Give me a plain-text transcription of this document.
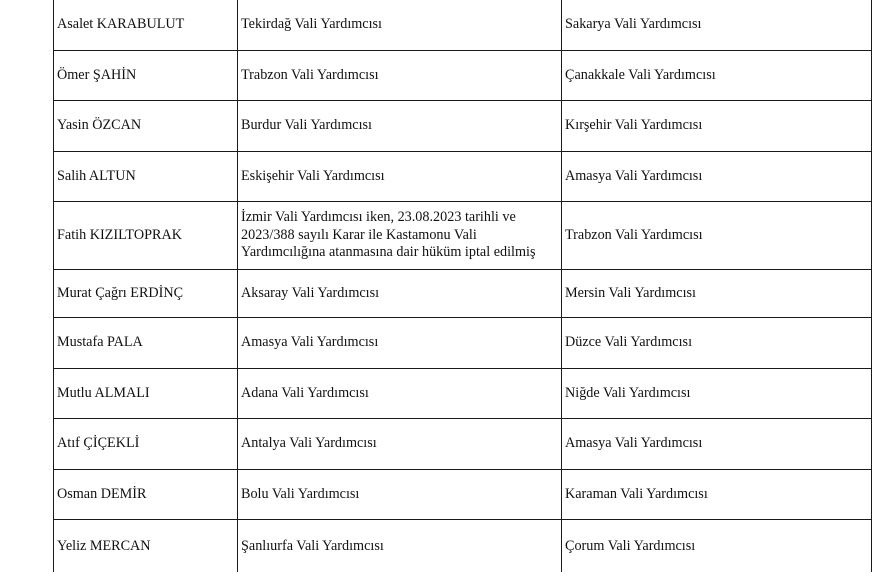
Asalet KARABULUT	Tekirdağ Vali Yardımcısı	Sakarya Vali Yardımcısı
Ömer ŞAHİN	Trabzon Vali Yardımcısı	Çanakkale Vali Yardımcısı
Yasin ÖZCAN	Burdur Vali Yardımcısı	Kırşehir Vali Yardımcısı
Salih ALTUN	Eskişehir Vali Yardımcısı	Amasya Vali Yardımcısı
Fatih KIZILTOPRAK	İzmir Vali Yardımcısı iken, 23.08.2023 tarihli ve 2023/388 sayılı Karar ile Kastamonu Vali Yardımcılığına atanmasına dair hüküm iptal edilmiş	Trabzon Vali Yardımcısı
Murat Çağrı ERDİNÇ	Aksaray Vali Yardımcısı	Mersin Vali Yardımcısı
Mustafa PALA	Amasya Vali Yardımcısı	Düzce Vali Yardımcısı
Mutlu ALMALI	Adana Vali Yardımcısı	Niğde Vali Yardımcısı
Atıf ÇİÇEKLİ	Antalya Vali Yardımcısı	Amasya Vali Yardımcısı
Osman DEMİR	Bolu Vali Yardımcısı	Karaman Vali Yardımcısı
Yeliz MERCAN	Şanlıurfa Vali Yardımcısı	Çorum Vali Yardımcısı
